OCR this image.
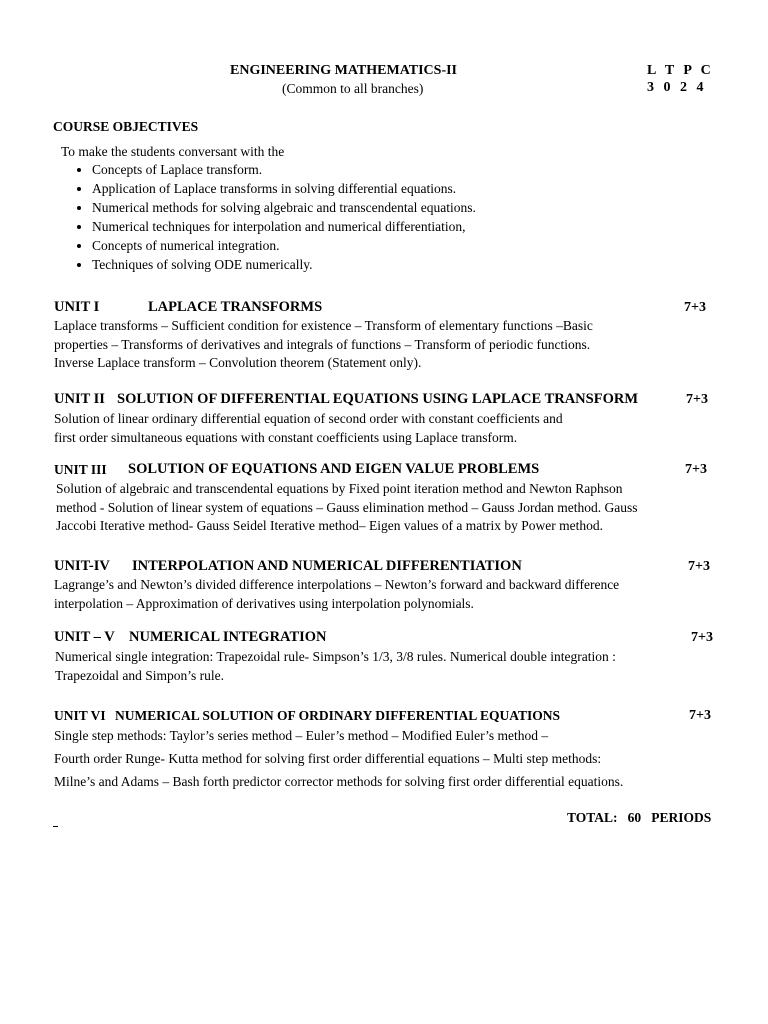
ENGINEERING MATHEMATICS-II
(Common to all branches)
L T P C
3 0 2 4
COURSE OBJECTIVES
To make the students conversant with the
• Concepts of Laplace transform.
• Application of Laplace transforms in solving differential equations.
• Numerical methods for solving algebraic and transcendental equations.
• Numerical techniques for interpolation and numerical differentiation,
• Concepts of numerical integration.
• Techniques of solving ODE numerically.
UNIT I	LAPLACE TRANSFORMS	7+3
Laplace transforms – Sufficient condition for existence – Transform of elementary functions –Basic
properties – Transforms of derivatives and integrals of functions – Transform of periodic functions.
Inverse Laplace transform – Convolution theorem (Statement only).
UNIT II SOLUTION OF DIFFERENTIAL EQUATIONS USING LAPLACE TRANSFORM	7+3
Solution of linear ordinary differential equation of second order with constant coefficients and
first order simultaneous equations with constant coefficients using Laplace transform.
UNIT III SOLUTION OF EQUATIONS AND EIGEN VALUE PROBLEMS	7+3
Solution of algebraic and transcendental equations by Fixed point iteration method and Newton Raphson
method - Solution of linear system of equations – Gauss elimination method – Gauss Jordan method. Gauss
Jaccobi Iterative method- Gauss Seidel Iterative method– Eigen values of a matrix by Power method.
UNIT-IV INTERPOLATION AND NUMERICAL DIFFERENTIATION	7+3
Lagrange’s and Newton’s divided difference interpolations – Newton’s forward and backward difference
interpolation – Approximation of derivatives using interpolation polynomials.
UNIT – V NUMERICAL INTEGRATION	7+3
Numerical single integration: Trapezoidal rule- Simpson’s 1/3, 3/8 rules. Numerical double integration :
Trapezoidal and Simpon’s rule.
UNIT VI NUMERICAL SOLUTION OF ORDINARY DIFFERENTIAL EQUATIONS	7+3
Single step methods: Taylor’s series method – Euler’s method – Modified Euler’s method –
Fourth order Runge- Kutta method for solving first order differential equations – Multi step methods:
Milne’s and Adams – Bash forth predictor corrector methods for solving first order differential equations.
TOTAL:   60   PERIODS
